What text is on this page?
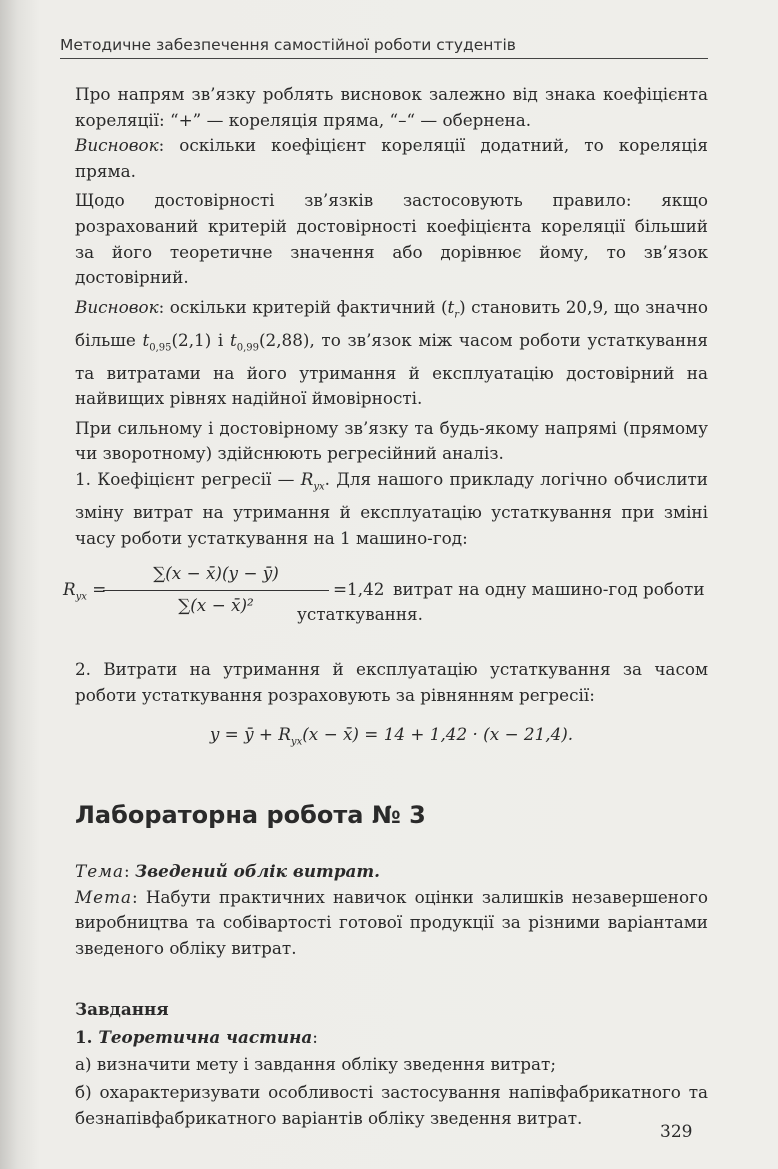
Методичне забезпечення самостійної роботи студентів

Про напрям зв’язку роблять висновок залежно від знака коефіцієнта кореляції: “+” — кореляція пряма, “–“ — обернена.

Висновок: оскільки коефіцієнт кореляції додатний, то кореляція пряма.

Щодо достовірності зв’язків застосовують правило: якщо розрахований критерій достовірності коефіцієнта кореляції більший за його теоретичне значення або дорівнює йому, то зв’язок достовірний.

Висновок: оскільки критерій фактичний $(t_r)$ становить 20,9, що значно більше $t_{0,95}(2,1)$ і $t_{0,99}(2,88)$, то зв’язок між часом роботи устаткування та витратами на його утримання й експлуатацію достовірний на найвищих рівнях надійної ймовірності.

При сильному і достовірному зв’язку та будь-якому напрямі (прямому чи зворотному) здійснюють регресійний аналіз.

1. Коефіцієнт регресії — $R_{yx}$. Для нашого прикладу логічно обчислити зміну витрат на утримання й експлуатацію устаткування при зміні часу роботи устаткування на 1 машино-год:

$R_{yx}$ =
$\frac{\sum(x - x̄)(y - ȳ)}{\text{∑(x − x̄)²}} =1,42$ витрат на одну машино-год роботи
устаткування.

2. Витрати на утримання й експлуатацію устаткування за часом роботи устаткування розраховують за рівнянням регресії:

y = ȳ + $R_{yx}(x$ − x̄) = 14 + 1,42 · (x − 21,4).
Лабораторна робота № 3

Тема: Зведений облік витрат.

Мета: Набути практичних навичок оцінки залишків незавершеного виробництва та собівартості готової продукції за різними варіантами зведеного обліку витрат.

Завдання

1. Теоретична частина:

а) визначити мету і завдання обліку зведення витрат;

б) охарактеризувати особливості застосування напівфабрикатного та безнапівфабрикатного варіантів обліку зведення витрат.

329
